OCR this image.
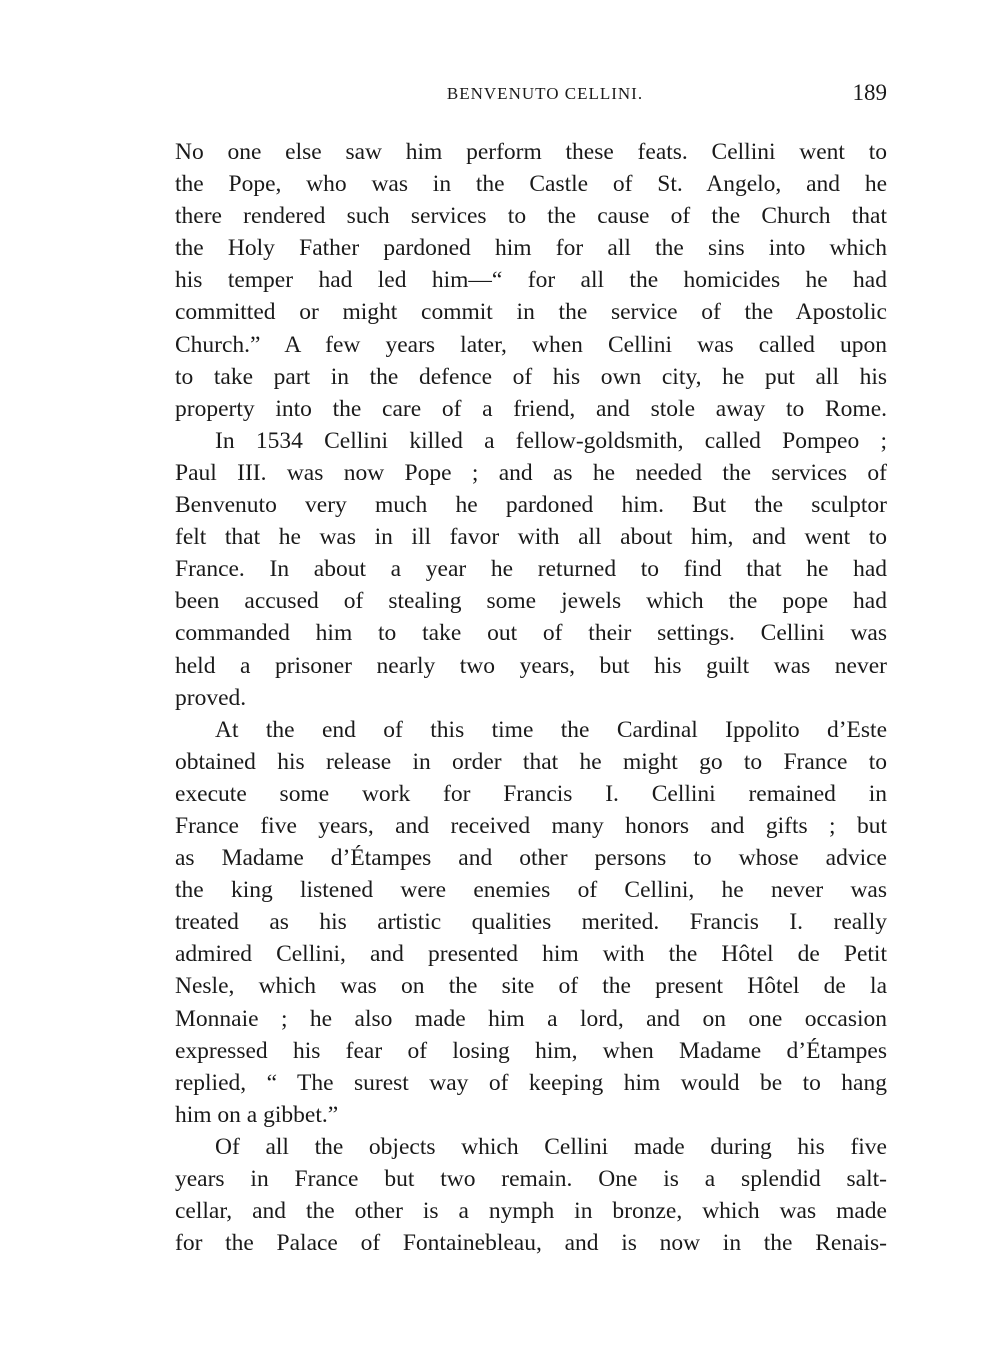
BENVENUTO CELLINI.	189
No one else saw him perform these feats. Cellini went to
the Pope, who was in the Castle of St. Angelo, and he
there rendered such services to the cause of the Church that
the Holy Father pardoned him for all the sins into which
his temper had led him—“ for all the homicides he had
committed or might commit in the service of the Apostolic
Church.” A few years later, when Cellini was called upon
to take part in the defence of his own city, he put all his
property into the care of a friend, and stole away to Rome.
In 1534 Cellini killed a fellow-goldsmith, called Pompeo ;
Paul III. was now Pope ; and as he needed the services of
Benvenuto very much he pardoned him. But the sculptor
felt that he was in ill favor with all about him, and went to
France. In about a year he returned to find that he had
been accused of stealing some jewels which the pope had
commanded him to take out of their settings. Cellini was
held a prisoner nearly two years, but his guilt was never
proved.
At the end of this time the Cardinal Ippolito d’Este
obtained his release in order that he might go to France to
execute some work for Francis I. Cellini remained in
France five years, and received many honors and gifts ; but
as Madame d’Étampes and other persons to whose advice
the king listened were enemies of Cellini, he never was
treated as his artistic qualities merited. Francis I. really
admired Cellini, and presented him with the Hôtel de Petit
Nesle, which was on the site of the present Hôtel de la
Monnaie ; he also made him a lord, and on one occasion
expressed his fear of losing him, when Madame d’Étampes
replied, “ The surest way of keeping him would be to hang
him on a gibbet.”
Of all the objects which Cellini made during his five
years in France but two remain. One is a splendid salt-
cellar, and the other is a nymph in bronze, which was made
for the Palace of Fontainebleau, and is now in the Renais-
